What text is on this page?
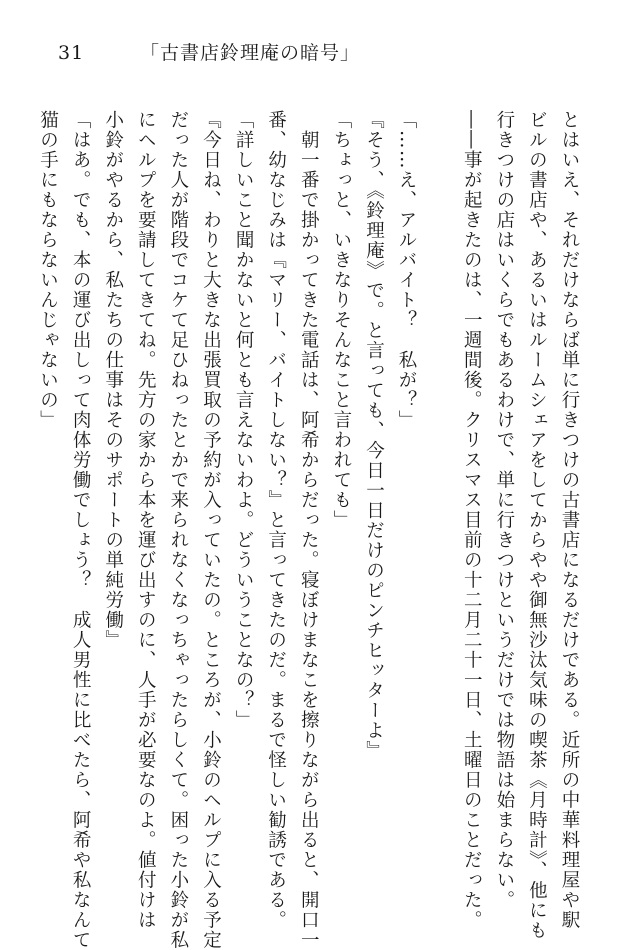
31	「古書店鈴理庵の暗号」
とはいえ、それだけならば単に行きつけの古書店になるだけである。近所の中華料理屋や駅
ビルの書店や、あるいはルームシェアをしてからやや御無沙汰気味の喫茶《月時計》、他にも
行きつけの店はいくらでもあるわけで、単に行きつけというだけでは物語は始まらない。
――事が起きたのは、一週間後。クリスマス目前の十二月二十一日、土曜日のことだった。
「……え、アルバイト？　私が？」
『そう、《鈴理庵》で。と言っても、今日一日だけのピンチヒッターよ』
「ちょっと、いきなりそんなこと言われても」
　朝一番で掛かってきた電話は、阿希からだった。寝ぼけまなこを擦りながら出ると、開口一
番、幼なじみは『マリー、バイトしない？』と言ってきたのだ。まるで怪しい勧誘である。
「詳しいこと聞かないと何とも言えないわよ。どういうことなの？」
『今日ね、わりと大きな出張買取の予約が入っていたの。ところが、小鈴のヘルプに入る予定
だった人が階段でコケて足ひねったとかで来られなくなっちゃったらしくて。困った小鈴が私
にヘルプを要請してきてね。先方の家から本を運び出すのに、人手が必要なのよ。値付けは
小鈴がやるから、私たちの仕事はそのサポートの単純労働』
「はあ。でも、本の運び出しって肉体労働でしょう？　成人男性に比べたら、阿希や私なんて
猫の手にもならないんじゃないの」
